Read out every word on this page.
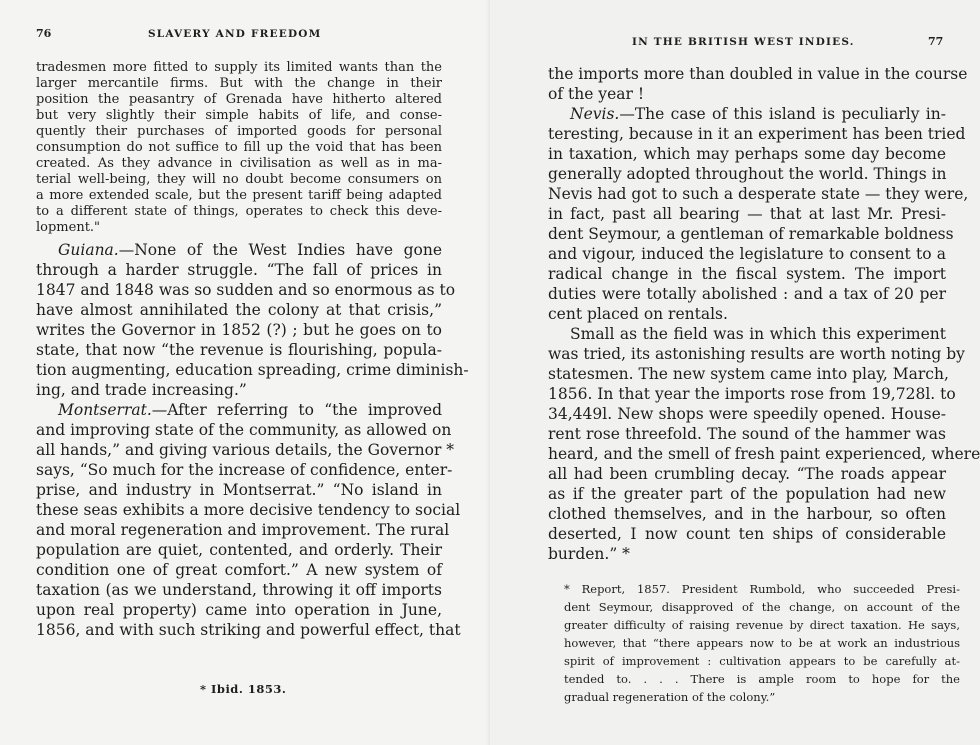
76	SLAVERY AND FREEDOM
tradesmen more fitted to supply its limited wants than the
larger mercantile firms. But with the change in their
position the peasantry of Grenada have hitherto altered
but very slightly their simple habits of life, and conse-
quently their purchases of imported goods for personal
consumption do not suffice to fill up the void that has been
created. As they advance in civilisation as well as in ma-
terial well-being, they will no doubt become consumers on
a more extended scale, but the present tariff being adapted
to a different state of things, operates to check this deve-
lopment."
Guiana.—None of the West Indies have gone
through a harder struggle. “The fall of prices in
1847 and 1848 was so sudden and so enormous as to
have almost annihilated the colony at that crisis,”
writes the Governor in 1852 (?) ; but he goes on to
state, that now “the revenue is flourishing, popula-
tion augmenting, education spreading, crime diminish-
ing, and trade increasing.”
Montserrat.—After referring to “the improved
and improving state of the community, as allowed on
all hands,” and giving various details, the Governor *
says, “So much for the increase of confidence, enter-
prise, and industry in Montserrat.” “No island in
these seas exhibits a more decisive tendency to social
and moral regeneration and improvement. The rural
population are quiet, contented, and orderly. Their
condition one of great comfort.” A new system of
taxation (as we understand, throwing it off imports
upon real property) came into operation in June,
1856, and with such striking and powerful effect, that
* Ibid. 1853.
IN THE BRITISH WEST INDIES.	77
the imports more than doubled in value in the course
of the year !
Nevis.—The case of this island is peculiarly in-
teresting, because in it an experiment has been tried
in taxation, which may perhaps some day become
generally adopted throughout the world. Things in
Nevis had got to such a desperate state — they were,
in fact, past all bearing — that at last Mr. Presi-
dent Seymour, a gentleman of remarkable boldness
and vigour, induced the legislature to consent to a
radical change in the fiscal system. The import
duties were totally abolished : and a tax of 20 per
cent placed on rentals.
Small as the field was in which this experiment
was tried, its astonishing results are worth noting by
statesmen. The new system came into play, March,
1856. In that year the imports rose from 19,728l. to
34,449l. New shops were speedily opened. House-
rent rose threefold. The sound of the hammer was
heard, and the smell of fresh paint experienced, where
all had been crumbling decay. “The roads appear
as if the greater part of the population had new
clothed themselves, and in the harbour, so often
deserted, I now count ten ships of considerable
burden.” *
* Report, 1857. President Rumbold, who succeeded Presi-
dent Seymour, disapproved of the change, on account of the
greater difficulty of raising revenue by direct taxation. He says,
however, that “there appears now to be at work an industrious
spirit of improvement : cultivation appears to be carefully at-
tended to. . . . There is ample room to hope for the
gradual regeneration of the colony.”
